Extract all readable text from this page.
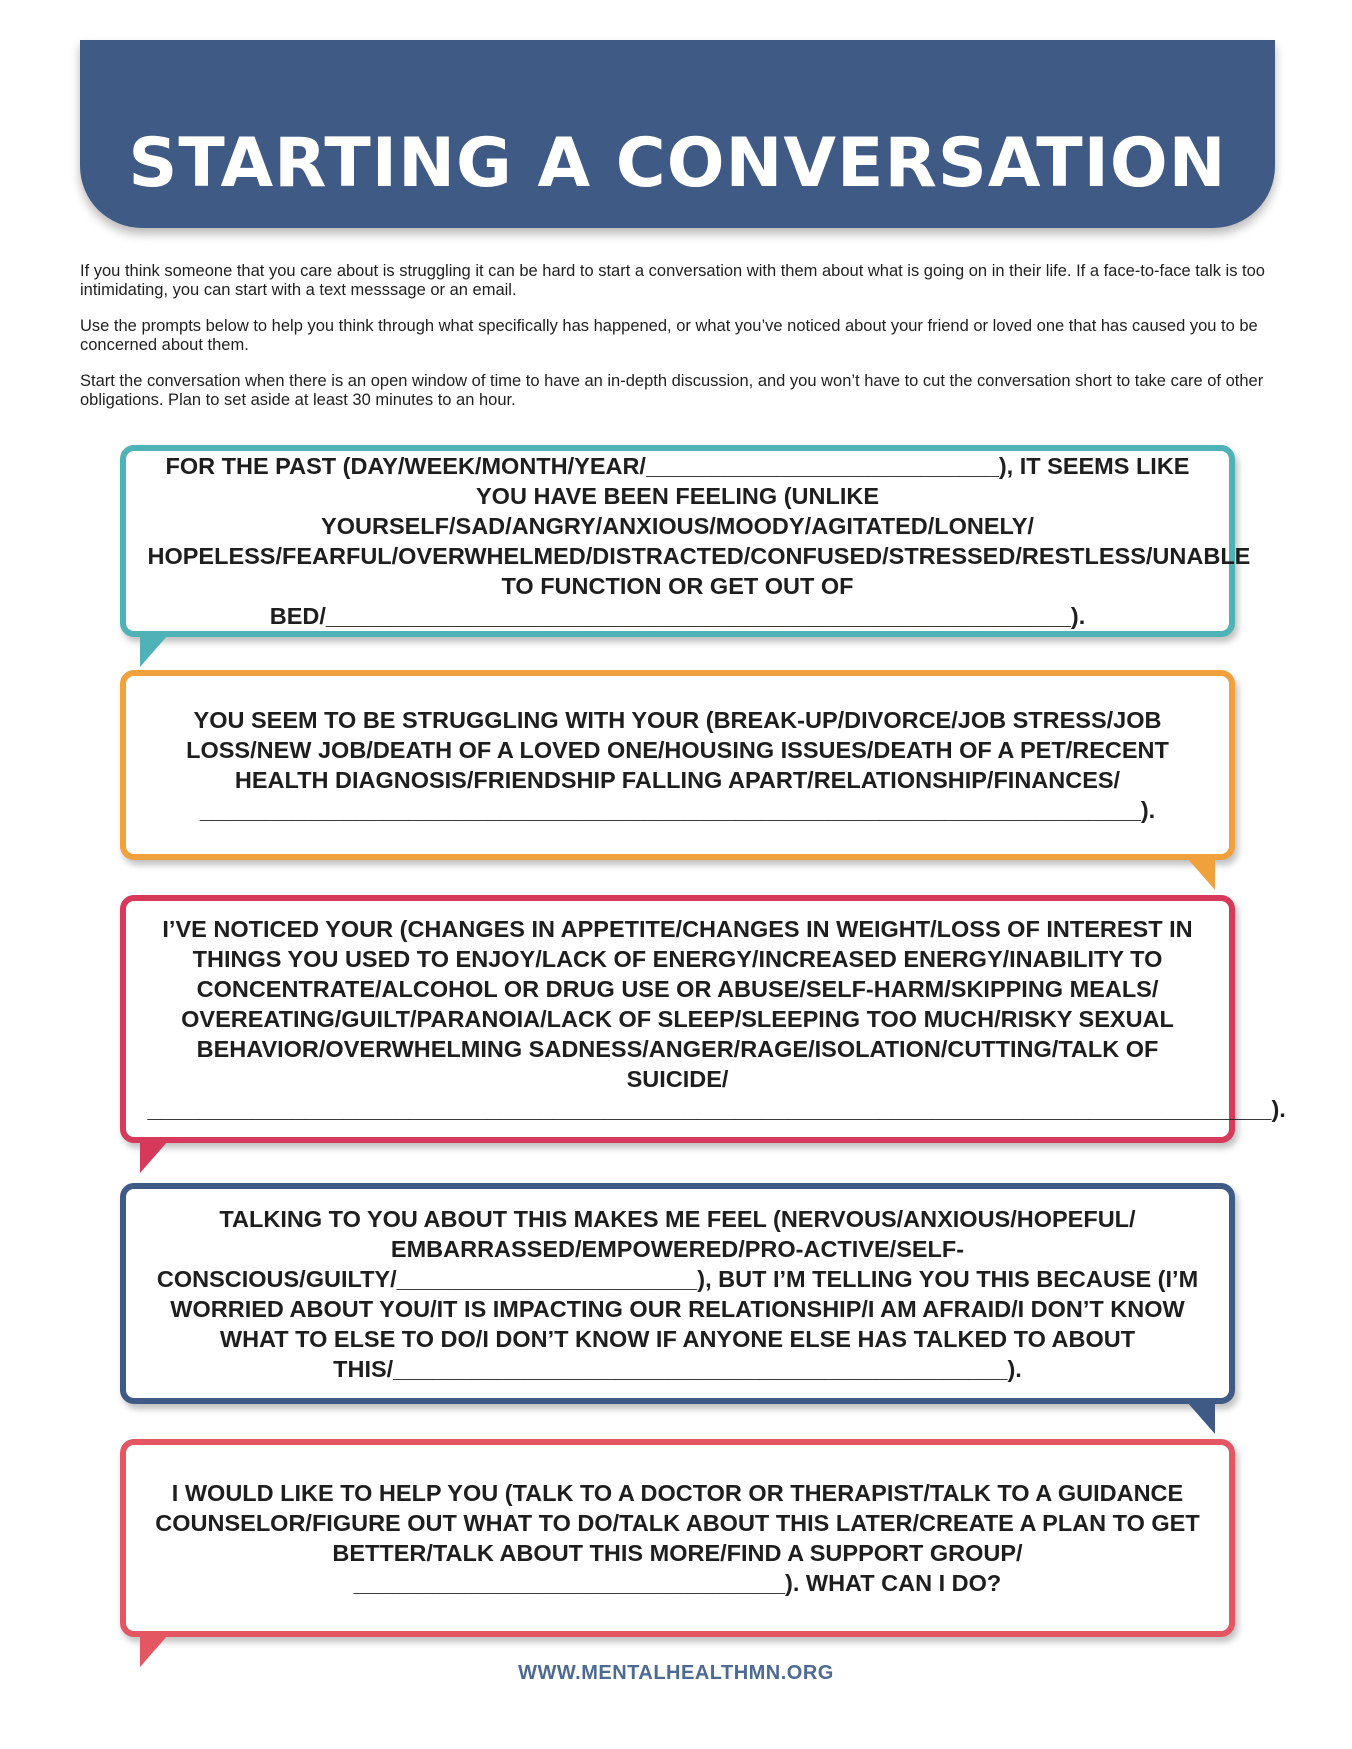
STARTING A CONVERSATION

If you think someone that you care about is struggling it can be hard to start a conversation with them about what is going on in their life. If a face-to-face talk is too intimidating, you can start with a text messsage or an email.

Use the prompts below to help you think through what specifically has happened, or what you’ve noticed about your friend or loved one that has caused you to be concerned about them.

Start the conversation when there is an open window of time to have an in-depth discussion, and you won’t have to cut the conversation short to take care of other obligations. Plan to set aside at least 30 minutes to an hour.

FOR THE PAST (DAY/WEEK/MONTH/YEAR/___________________________), IT SEEMS LIKE YOU HAVE BEEN FEELING (UNLIKE YOURSELF/SAD/ANGRY/ANXIOUS/MOODY/AGITATED/LONELY/ HOPELESS/FEARFUL/OVERWHELMED/DISTRACTED/CONFUSED/STRESSED/RESTLESS/UNABLE TO FUNCTION OR GET OUT OF BED/_________________________________________________________).

YOU SEEM TO BE STRUGGLING WITH YOUR (BREAK-UP/DIVORCE/JOB STRESS/JOB LOSS/NEW JOB/DEATH OF A LOVED ONE/HOUSING ISSUES/DEATH OF A PET/RECENT HEALTH DIAGNOSIS/FRIENDSHIP FALLING APART/RELATIONSHIP/FINANCES/ ________________________________________________________________________).

I’VE NOTICED YOUR (CHANGES IN APPETITE/CHANGES IN WEIGHT/LOSS OF INTEREST IN THINGS YOU USED TO ENJOY/LACK OF ENERGY/INCREASED ENERGY/INABILITY TO CONCENTRATE/ALCOHOL OR DRUG USE OR ABUSE/SELF-HARM/SKIPPING MEALS/ OVEREATING/GUILT/PARANOIA/LACK OF SLEEP/SLEEPING TOO MUCH/RISKY SEXUAL BEHAVIOR/OVERWHELMING SADNESS/ANGER/RAGE/ISOLATION/CUTTING/TALK OF SUICIDE/ ______________________________________________________________________________________).

TALKING TO YOU ABOUT THIS MAKES ME FEEL (NERVOUS/ANXIOUS/HOPEFUL/ EMBARRASSED/EMPOWERED/PRO-ACTIVE/SELF-CONSCIOUS/GUILTY/_______________________), BUT I’M TELLING YOU THIS BECAUSE (I’M WORRIED ABOUT YOU/IT IS IMPACTING OUR RELATIONSHIP/I AM AFRAID/I DON’T KNOW WHAT TO ELSE TO DO/I DON’T KNOW IF ANYONE ELSE HAS TALKED TO ABOUT THIS/_______________________________________________).

I WOULD LIKE TO HELP YOU (TALK TO A DOCTOR OR THERAPIST/TALK TO A GUIDANCE COUNSELOR/FIGURE OUT WHAT TO DO/TALK ABOUT THIS LATER/CREATE A PLAN TO GET BETTER/TALK ABOUT THIS MORE/FIND A SUPPORT GROUP/ _________________________________). WHAT CAN I DO?

WWW.MENTALHEALTHMN.ORG
